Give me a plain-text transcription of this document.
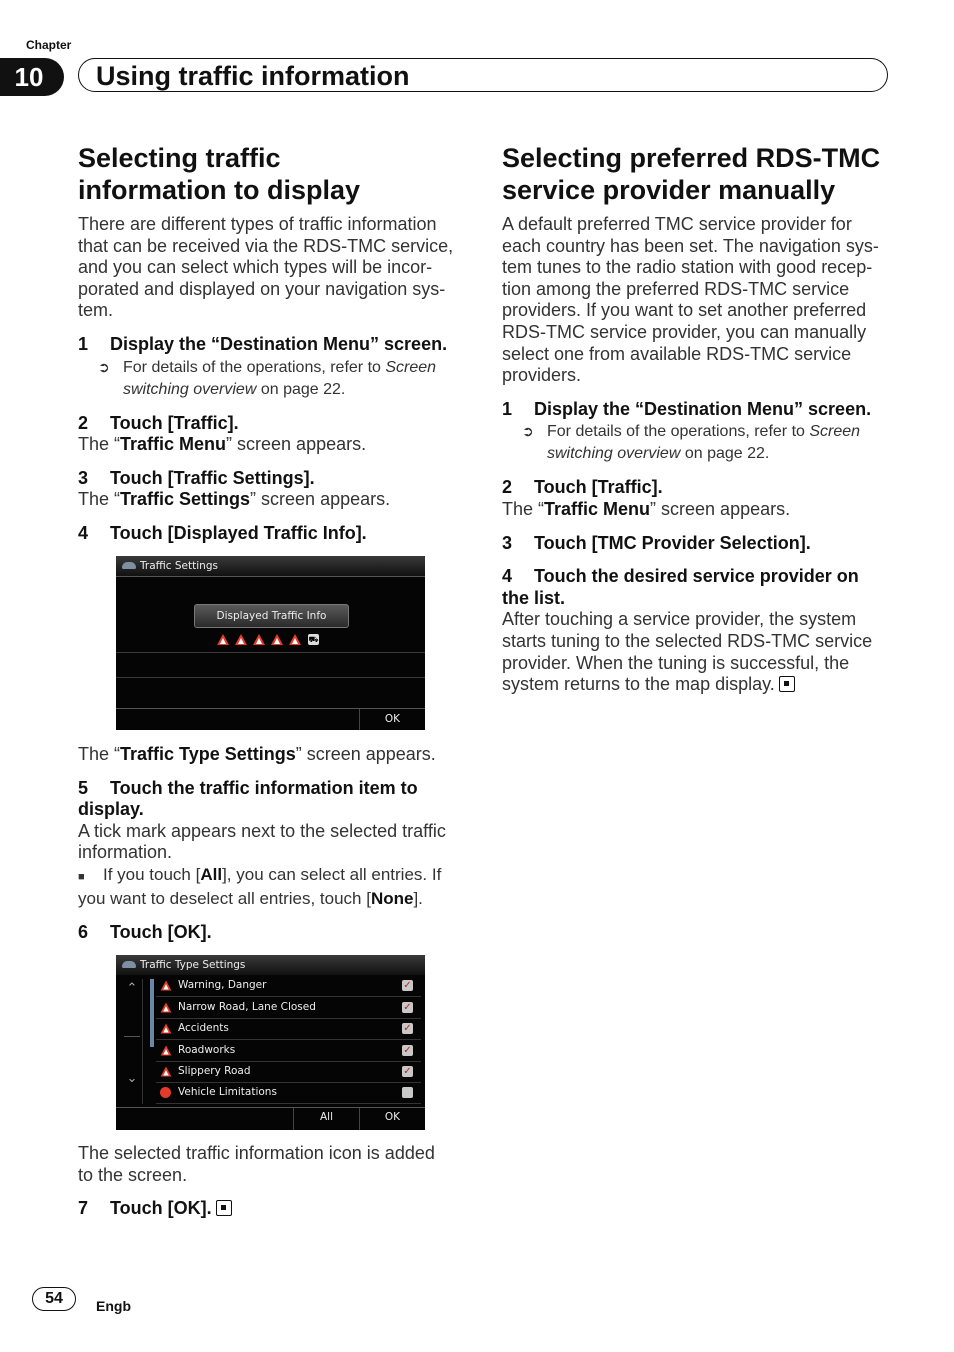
Chapter
10	Using traffic information
Selecting traffic
information to display
There are different types of traffic information
that can be received via the RDS-TMC service,
and you can select which types will be incor-
porated and displayed on your navigation sys-
tem.
1 Display the “Destination Menu” screen.
➲ For details of the operations, refer to Screen
switching overview on page 22.
2 Touch [Traffic].
The “Traffic Menu” screen appears.
3 Touch [Traffic Settings].
The “Traffic Settings” screen appears.
4 Touch [Displayed Traffic Info].
Traffic Settings
Displayed Traffic Info
⛟
OK
The “Traffic Type Settings” screen appears.
5 Touch the traffic information item to
display.
A tick mark appears next to the selected traffic
information.
■ If you touch [All], you can select all entries. If
you want to deselect all entries, touch [None].
6 Touch [OK].
Traffic Type Settings
⌃
⌄
Warning, Danger	✓
Narrow Road, Lane Closed	✓
Accidents	✓
Roadworks	✓
Slippery Road	✓
Vehicle Limitations
All	OK
The selected traffic information icon is added
to the screen.
7 Touch [OK].
Selecting preferred RDS-TMC
service provider manually
A default preferred TMC service provider for
each country has been set. The navigation sys-
tem tunes to the radio station with good recep-
tion among the preferred RDS-TMC service
providers. If you want to set another preferred
RDS-TMC service provider, you can manually
select one from available RDS-TMC service
providers.
1 Display the “Destination Menu” screen.
➲ For details of the operations, refer to Screen
switching overview on page 22.
2 Touch [Traffic].
The “Traffic Menu” screen appears.
3 Touch [TMC Provider Selection].
4 Touch the desired service provider on
the list.
After touching a service provider, the system
starts tuning to the selected RDS-TMC service
provider. When the tuning is successful, the
system returns to the map display.
54	Engb
